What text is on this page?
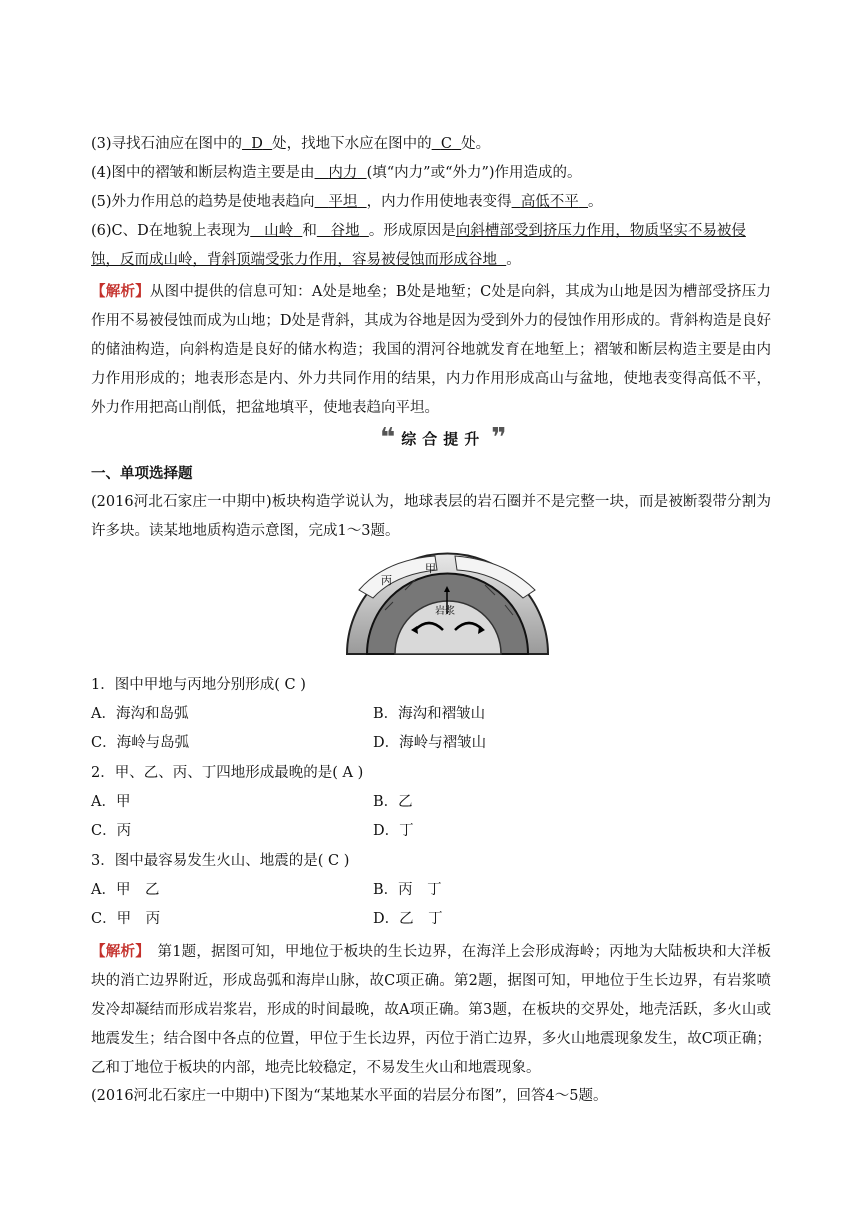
(3)寻找石油应在图中的 D 处，找地下水应在图中的 C 处。
(4)图中的褶皱和断层构造主要是由 内力 (填“内力”或“外力”)作用造成的。
(5)外力作用总的趋势是使地表趋向 平坦 ，内力作用使地表变得 高低不平 。
(6)C、D在地貌上表现为 山岭 和 谷地 。形成原因是向斜槽部受到挤压力作用，物质坚实不易被侵
蚀，反而成山岭，背斜顶端受张力作用，容易被侵蚀而形成谷地 。
【解析】从图中提供的信息可知：A处是地垒；B处是地堑；C处是向斜，其成为山地是因为槽部受挤压力作用不易被侵蚀而成为山地；D处是背斜，其成为谷地是因为受到外力的侵蚀作用形成的。背斜构造是良好的储油构造，向斜构造是良好的储水构造；我国的渭河谷地就发育在地堑上；褶皱和断层构造主要是由内力作用形成的；地表形态是内、外力共同作用的结果，内力作用形成高山与盆地，使地表变得高低不平，外力作用把高山削低，把盆地填平，使地表趋向平坦。
❝ 综合提升 ❞
一、单项选择题
(2016河北石家庄一中期中)板块构造学说认为，地球表层的岩石圈并不是完整一块，而是被断裂带分割为许多块。读某地地质构造示意图，完成1～3题。
丙
甲
岩浆
1．图中甲地与丙地分别形成( C )
A．海沟和岛弧	B．海沟和褶皱山
C．海岭与岛弧	D．海岭与褶皱山
2．甲、乙、丙、丁四地形成最晚的是( A )
A．甲	B．乙
C．丙	D．丁
3．图中最容易发生火山、地震的是( C )
A．甲　乙	B．丙　丁
C．甲　丙	D．乙　丁
【解析】　第1题，据图可知，甲地位于板块的生长边界，在海洋上会形成海岭；丙地为大陆板块和大洋板块的消亡边界附近，形成岛弧和海岸山脉，故C项正确。第2题，据图可知，甲地位于生长边界，有岩浆喷发冷却凝结而形成岩浆岩，形成的时间最晚，故A项正确。第3题，在板块的交界处，地壳活跃，多火山或地震发生；结合图中各点的位置，甲位于生长边界，丙位于消亡边界，多火山地震现象发生，故C项正确；乙和丁地位于板块的内部，地壳比较稳定，不易发生火山和地震现象。
(2016河北石家庄一中期中)下图为“某地某水平面的岩层分布图”，回答4～5题。
